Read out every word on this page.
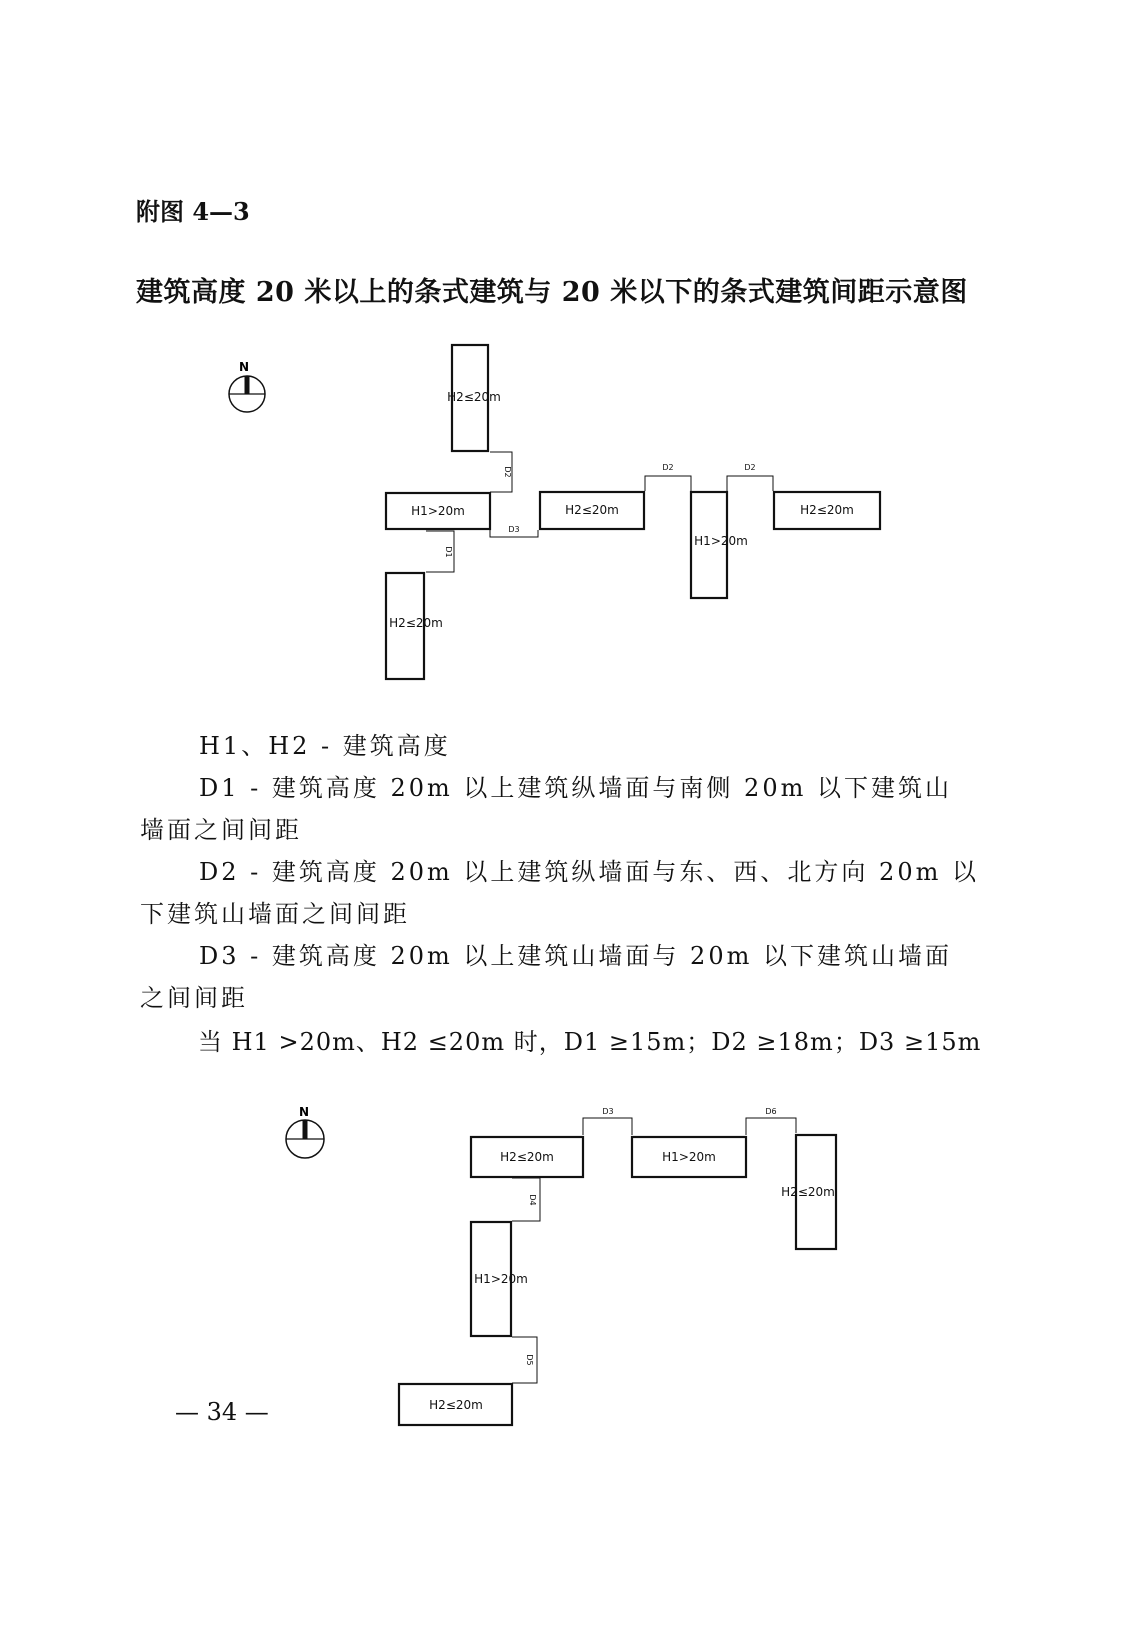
附图 4—3
建筑高度 20 米以上的条式建筑与 20 米以下的条式建筑间距示意图
N
H2≤20m
H1>20m	H2≤20m
H1>20m
H2≤20m
H2≤20m
D2
D3
D1
D2	D2
N
H2≤20m	H1>20m
H2≤20m
H1>20m
H2≤20m
D3	D6
D4
D5
H1、H2 - 建筑高度
D1 - 建筑高度 20m 以上建筑纵墙面与南侧 20m 以下建筑山
墙面之间间距
D2 - 建筑高度 20m 以上建筑纵墙面与东、西、北方向 20m 以
下建筑山墙面之间间距
D3 - 建筑高度 20m 以上建筑山墙面与 20m 以下建筑山墙面
之间间距
当 H1 >20m、H2 ≤20m 时，D1 ≥15m；D2 ≥18m；D3 ≥15m
— 34 —
